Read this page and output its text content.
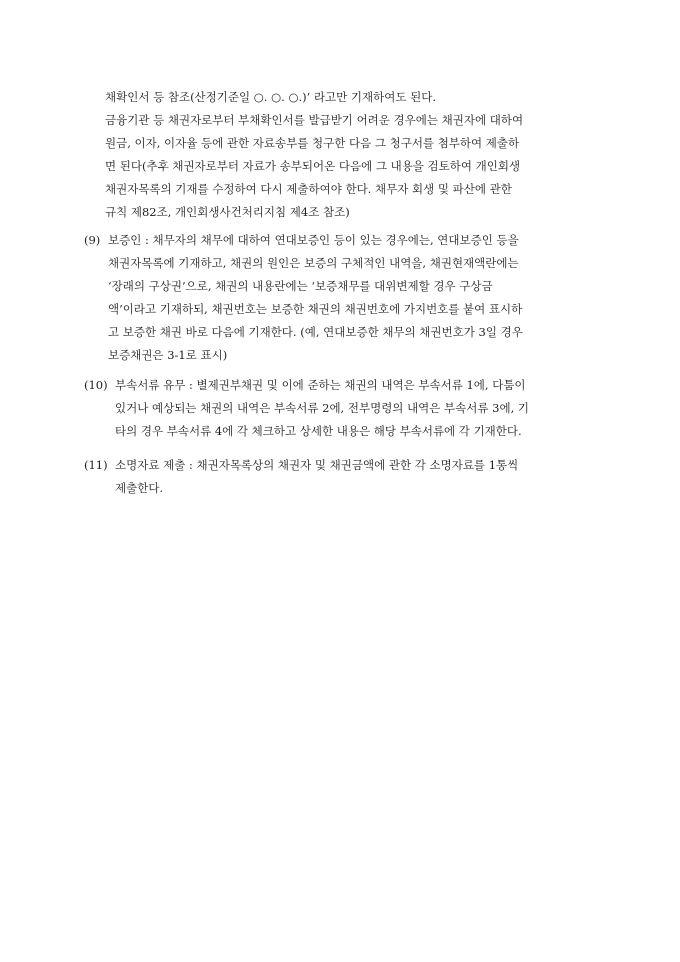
채확인서 등 참조(산정기준일 ○. ○. ○.)’ 라고만 기재하여도 된다.
금융기관 등 채권자로부터 부채확인서를 발급받기 어려운 경우에는 채권자에 대하여
원금, 이자, 이자율 등에 관한 자료송부를 청구한 다음 그 청구서를 첨부하여 제출하
면 된다(추후 채권자로부터 자료가 송부되어온 다음에 그 내용을 검토하여 개인회생
채권자목록의 기재를 수정하여 다시 제출하여야 한다. 채무자 회생 및 파산에 관한
규칙 제82조, 개인회생사건처리지침 제4조 참조)
(9) 보증인 : 채무자의 채무에 대하여 연대보증인 등이 있는 경우에는, 연대보증인 등을
채권자목록에 기재하고, 채권의 원인은 보증의 구체적인 내역을, 채권현재액란에는
‘장래의 구상권’으로, 채권의 내용란에는 ‘보증채무를 대위변제할 경우 구상금
액’이라고 기재하되, 채권번호는 보증한 채권의 채권번호에 가지번호를 붙여 표시하
고 보증한 채권 바로 다음에 기재한다. (예, 연대보증한 채무의 채권번호가 3일 경우
보증채권은 3-1로 표시)
(10) 부속서류 유무 : 별제권부채권 및 이에 준하는 채권의 내역은 부속서류 1에, 다툼이
있거나 예상되는 채권의 내역은 부속서류 2에, 전부명령의 내역은 부속서류 3에, 기
타의 경우 부속서류 4에 각 체크하고 상세한 내용은 해당 부속서류에 각 기재한다.
(11) 소명자료 제출 : 채권자목록상의 채권자 및 채권금액에 관한 각 소명자료를 1통씩
제출한다.
